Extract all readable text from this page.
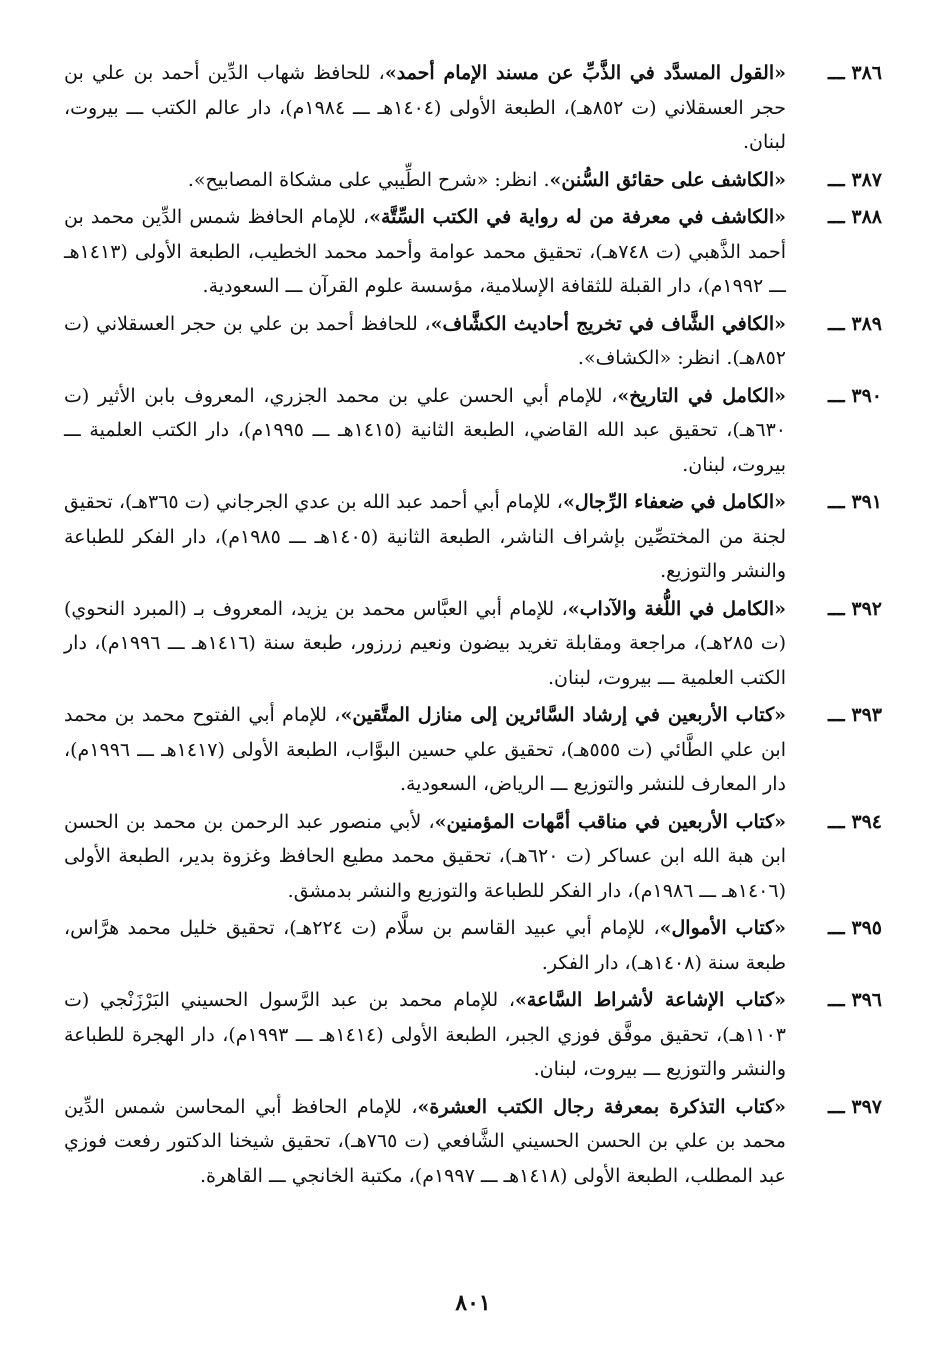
٣٨٦ ـــ
«القول المسدَّد في الذَّبِّ عن مسند الإمام أحمد»، للحافظ شهاب الدِّين أحمد بن علي بن حجر العسقلاني (ت ٨٥٢هـ)، الطبعة الأولى (١٤٠٤هـ ـــ ١٩٨٤م)، دار عالم الكتب ـــ بيروت، لبنان.
٣٨٧ ـــ
«الكاشف على حقائق السُّنن». انظر: «شرح الطِّيبي على مشكاة المصابيح».
٣٨٨ ـــ
«الكاشف في معرفة من له رواية في الكتب السِّتَّة»، للإمام الحافظ شمس الدِّين محمد بن أحمد الذَّهبي (ت ٧٤٨هـ)، تحقيق محمد عوامة وأحمد محمد الخطيب، الطبعة الأولى (١٤١٣هـ ـــ ١٩٩٢م)، دار القبلة للثقافة الإسلامية، مؤسسة علوم القرآن ـــ السعودية.
٣٨٩ ـــ
«الكافي الشَّاف في تخريج أحاديث الكشَّاف»، للحافظ أحمد بن علي بن حجر العسقلاني (ت ٨٥٢هـ). انظر: «الكشاف».
٣٩٠ ـــ
«الكامل في التاريخ»، للإمام أبي الحسن علي بن محمد الجزري، المعروف بابن الأثير (ت ٦٣٠هـ)، تحقيق عبد الله القاضي، الطبعة الثانية (١٤١٥هـ ـــ ١٩٩٥م)، دار الكتب العلمية ـــ بيروت، لبنان.
٣٩١ ـــ
«الكامل في ضعفاء الرِّجال»، للإمام أبي أحمد عبد الله بن عدي الجرجاني (ت ٣٦٥هـ)، تحقيق لجنة من المختصِّين بإشراف الناشر، الطبعة الثانية (١٤٠٥هـ ـــ ١٩٨٥م)، دار الفكر للطباعة والنشر والتوزيع.
٣٩٢ ـــ
«الكامل في اللُّغة والآداب»، للإمام أبي العبَّاس محمد بن يزيد، المعروف بـ (المبرد النحوي) (ت ٢٨٥هـ)، مراجعة ومقابلة تغريد بيضون ونعيم زرزور، طبعة سنة (١٤١٦هـ ـــ ١٩٩٦م)، دار الكتب العلمية ـــ بيروت، لبنان.
٣٩٣ ـــ
«كتاب الأربعين في إرشاد السَّائرين إلى منازل المتَّقين»، للإمام أبي الفتوح محمد بن محمد ابن علي الطَّائي (ت ٥٥٥هـ)، تحقيق علي حسين البوَّاب، الطبعة الأولى (١٤١٧هـ ـــ ١٩٩٦م)، دار المعارف للنشر والتوزيع ـــ الرياض، السعودية.
٣٩٤ ـــ
«كتاب الأربعين في مناقب أمَّهات المؤمنين»، لأبي منصور عبد الرحمن بن محمد بن الحسن ابن هبة الله ابن عساكر (ت ٦٢٠هـ)، تحقيق محمد مطيع الحافظ وغزوة بدير، الطبعة الأولى (١٤٠٦هـ ـــ ١٩٨٦م)، دار الفكر للطباعة والتوزيع والنشر بدمشق.
٣٩٥ ـــ
«كتاب الأموال»، للإمام أبي عبيد القاسم بن سلَّام (ت ٢٢٤هـ)، تحقيق خليل محمد هرَّاس، طبعة سنة (١٤٠٨هـ)، دار الفكر.
٣٩٦ ـــ
«كتاب الإشاعة لأشراط السَّاعة»، للإمام محمد بن عبد الرَّسول الحسيني البَرْزَنْجي (ت ١١٠٣هـ)، تحقيق موفَّق فوزي الجبر، الطبعة الأولى (١٤١٤هـ ـــ ١٩٩٣م)، دار الهجرة للطباعة والنشر والتوزيع ـــ بيروت، لبنان.
٣٩٧ ـــ
«كتاب التذكرة بمعرفة رجال الكتب العشرة»، للإمام الحافظ أبي المحاسن شمس الدِّين محمد بن علي بن الحسن الحسيني الشَّافعي (ت ٧٦٥هـ)، تحقيق شيخنا الدكتور رفعت فوزي عبد المطلب، الطبعة الأولى (١٤١٨هـ ـــ ١٩٩٧م)، مكتبة الخانجي ـــ القاهرة.
٨٠١
